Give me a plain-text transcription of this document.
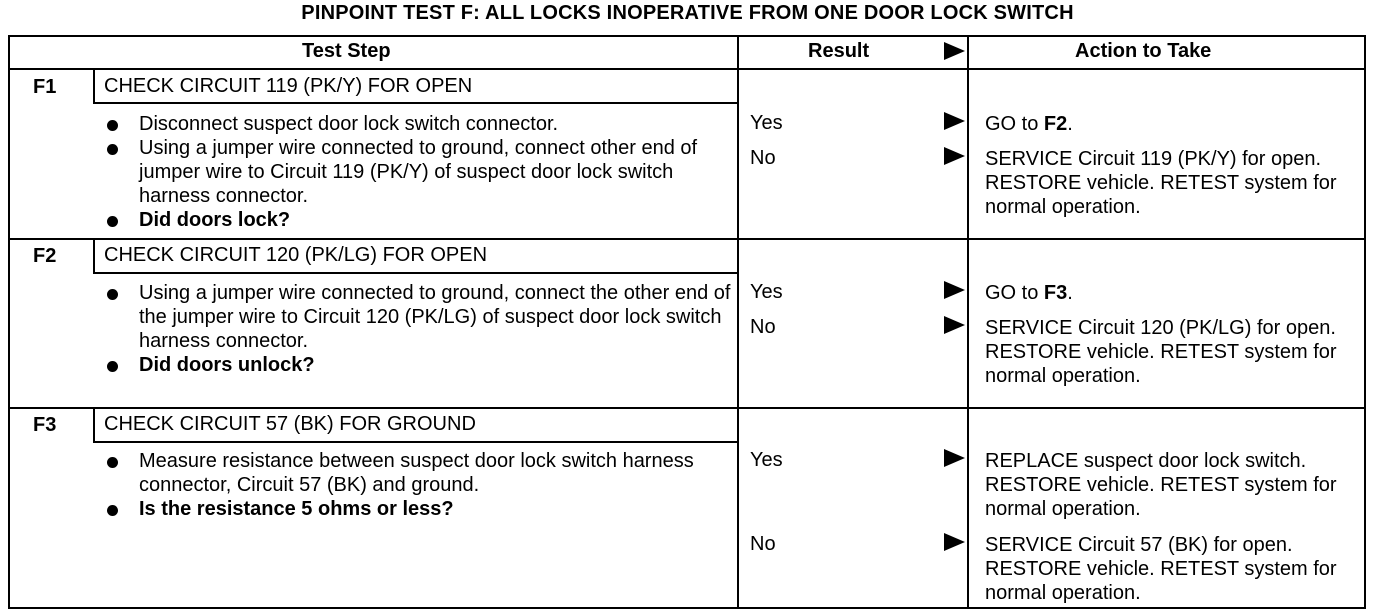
PINPOINT TEST F: ALL LOCKS INOPERATIVE FROM ONE DOOR LOCK SWITCH
Test Step	Result	Action to Take
F1 CHECK CIRCUIT 119 (PK/Y) FOR OPEN
Disconnect suspect door lock switch connector.
Using a jumper wire connected to ground, connect other end of jumper wire to Circuit 119 (PK/Y) of suspect door lock switch harness connector.
Did doors lock?
Yes	GO to F2.
No	SERVICE Circuit 119 (PK/Y) for open. RESTORE vehicle. RETEST system for normal operation.
F2 CHECK CIRCUIT 120 (PK/LG) FOR OPEN
Using a jumper wire connected to ground, connect the other end of the jumper wire to Circuit 120 (PK/LG) of suspect door lock switch harness connector.
Did doors unlock?
Yes	GO to F3.
No	SERVICE Circuit 120 (PK/LG) for open. RESTORE vehicle. RETEST system for normal operation.
F3 CHECK CIRCUIT 57 (BK) FOR GROUND
Measure resistance between suspect door lock switch harness connector, Circuit 57 (BK) and ground.
Is the resistance 5 ohms or less?
Yes	REPLACE suspect door lock switch. RESTORE vehicle. RETEST system for normal operation.
No	SERVICE Circuit 57 (BK) for open. RESTORE vehicle. RETEST system for normal operation.
